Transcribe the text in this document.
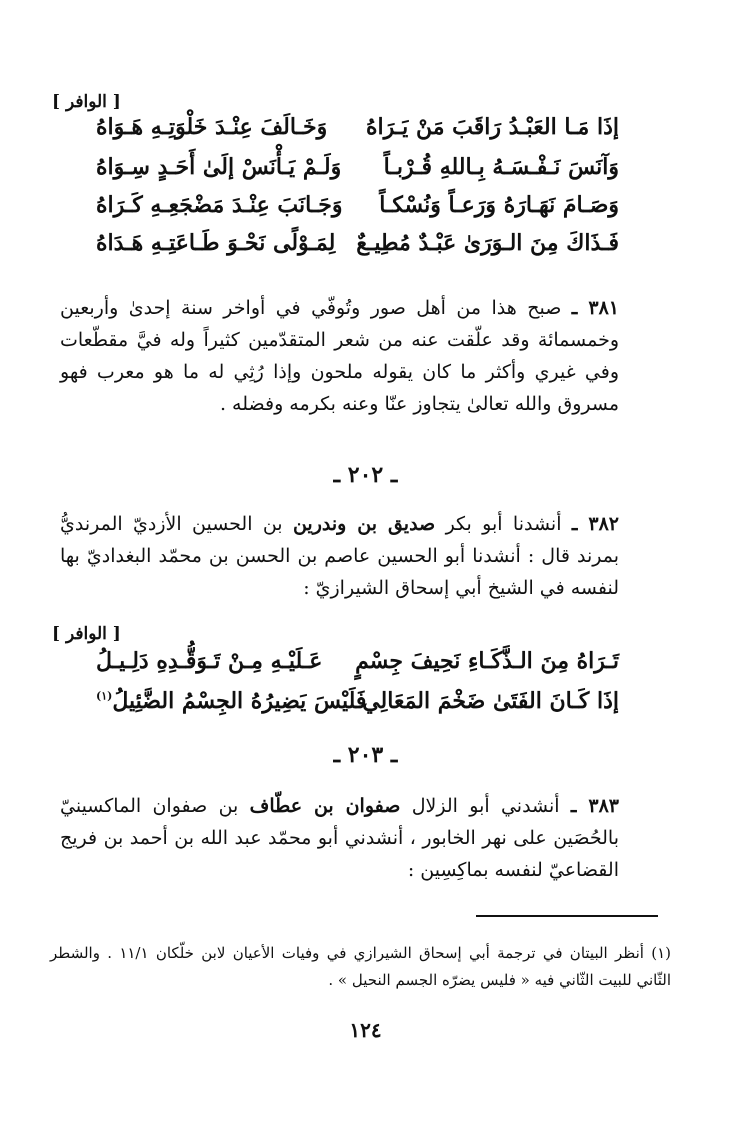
[ الوافر ]
إذَا مَـا العَبْـدُ رَاقَبَ مَنْ يَـرَاهُ
وَخَـالَفَ عِنْـدَ خَلْوَتِـهِ هَـوَاهُ
وَآنَسَ نَـفْـسَـهُ بِـاللهِ قُـرْبـاً
وَلَـمْ يَـأْنَسْ إلَىٰ أَحَـدٍ سِـوَاهُ
وَصَـامَ نَهَـارَهُ وَرَعـاً وَنُسْكـاً
وَجَـانَبَ عِنْـدَ مَضْجَعِـهِ كَـرَاهُ
فَـذَاكَ مِنَ الـوَرَىٰ عَبْـدٌ مُطِيـعٌ
لِمَـوْلًى نَحْـوَ طَـاعَتِـهِ هَـدَاهُ
٣٨١ ـ صبح هذا من أهل صور وتُوفّي في أواخر سنة إحدىٰ وأربعين وخمسمائة وقد علّقت عنه من شعر المتقدّمين كثيراً وله فيَّ مقطّعات وفي غيري وأكثر ما كان يقوله ملحون وإذا رُثِي له ما هو معرب فهو مسروق والله تعالىٰ يتجاوز عنّا وعنه بكرمه وفضله .
ـ ٢٠٢ ـ
٣٨٢ ـ أنشدنا أبو بكر صديق بن وندرين بن الحسين الأزديّ المرنديُّ بمرند قال : أنشدنا أبو الحسين عاصم بن الحسن بن محمّد البغداديّ بها لنفسه في الشيخ أبي إسحاق الشيرازيّ :
[ الوافر ]
تَـرَاهُ مِنَ الـذَّكَـاءِ نَحِيفَ جِسْمٍ
عَـلَيْـهِ مِـنْ تَـوَقُّـدِهِ دَلِـيـلُ
إذَا كَـانَ الفَتَىٰ ضَخْمَ المَعَالِي
فَلَيْسَ يَضِيرُهُ الجِسْمُ الضَّئِيلُ$^{(١)}$
ـ ٢٠٣ ـ
٣٨٣ ـ أنشدني أبو الزلال صفوان بن عطّاف بن صفوان الماكسينيّ بالحُصَين على نهر الخابور ، أنشدني أبو محمّد عبد الله بن أحمد بن فريج القضاعيّ لنفسه بماكِسِين :
(١) أنظر البيتان في ترجمة أبي إسحاق الشيرازي في وفيات الأعيان لابن خلّكان ١١/١ . والشطر الثّاني للبيت الثّاني فيه « فليس يضرّه الجسم النحيل » .
١٢٤
